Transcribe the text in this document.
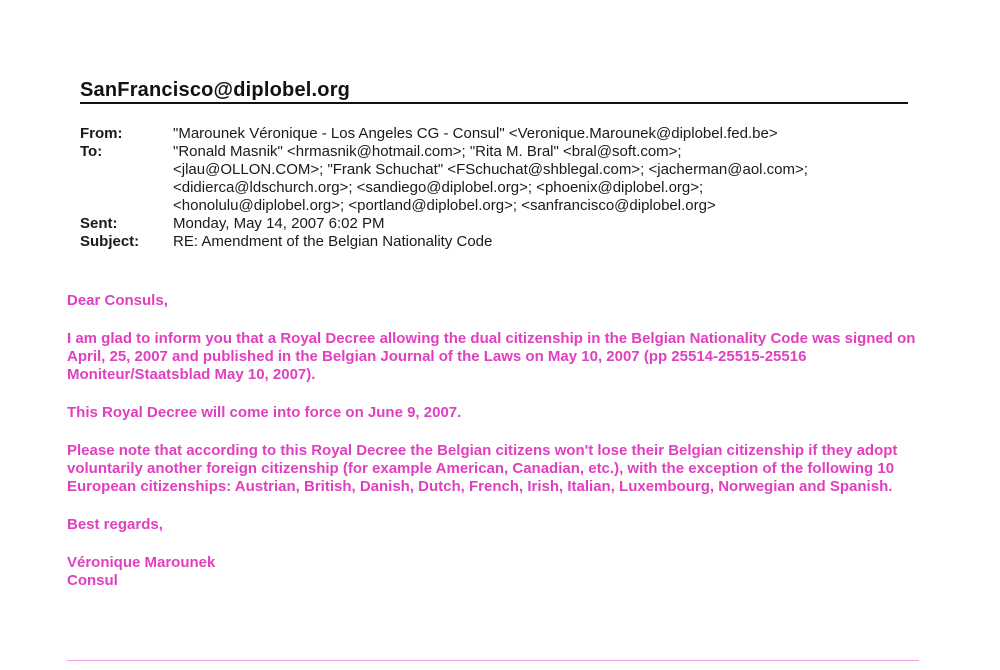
SanFrancisco@diplobel.org
From:	"Marounek Véronique - Los Angeles CG - Consul" <Veronique.Marounek@diplobel.fed.be>
To:	"Ronald Masnik" <hrmasnik@hotmail.com>; "Rita M. Bral" <bral@soft.com>;
<jlau@OLLON.COM>; "Frank Schuchat" <FSchuchat@shblegal.com>; <jacherman@aol.com>;
<didierca@ldschurch.org>; <sandiego@diplobel.org>; <phoenix@diplobel.org>;
<honolulu@diplobel.org>; <portland@diplobel.org>; <sanfrancisco@diplobel.org>
Sent:	Monday, May 14, 2007 6:02 PM
Subject:	RE: Amendment of the Belgian Nationality Code

Dear Consuls,

I am glad to inform you that a Royal Decree allowing the dual citizenship in the Belgian Nationality Code was signed on April, 25, 2007 and published in the Belgian Journal of the Laws on May 10, 2007 (pp 25514-25515-25516 Moniteur/Staatsblad May 10, 2007).

This Royal Decree will come into force on June 9, 2007.

Please note that according to this Royal Decree the Belgian citizens won't lose their Belgian citizenship if they adopt voluntarily another foreign citizenship (for example American, Canadian, etc.), with the exception of the following 10 European citizenships: Austrian, British, Danish, Dutch, French, Irish, Italian, Luxembourg, Norwegian and Spanish.

Best regards,

Véronique Marounek
Consul
